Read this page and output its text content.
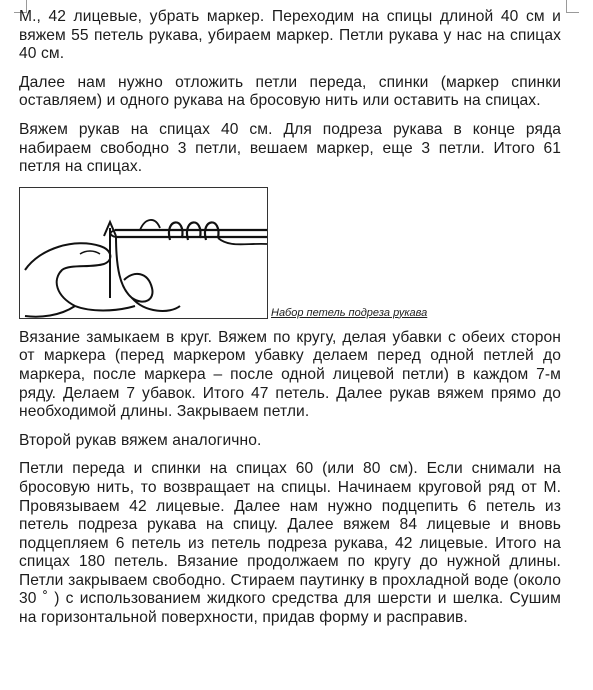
М., 42 лицевые, убрать маркер. Переходим на спицы длиной 40 см и вяжем 55 петель рукава, убираем маркер. Петли рукава у нас на спицах 40 см.

Далее нам нужно отложить петли переда, спинки (маркер спинки оставляем) и одного рукава на бросовую нить или оставить на спицах.

Вяжем рукав на спицах 40 см. Для подреза рукава в конце ряда набираем свободно 3 петли, вешаем маркер, еще 3 петли. Итого 61 петля на спицах.

Набор петель подреза рукава

Вязание замыкаем в круг. Вяжем по кругу, делая убавки с обеих сторон от маркера (перед маркером убавку делаем перед одной петлей до маркера, после маркера – после одной лицевой петли) в каждом 7-м ряду. Делаем 7 убавок. Итого 47 петель. Далее рукав вяжем прямо до необходимой длины. Закрываем петли.

Второй рукав вяжем аналогично.

Петли переда и спинки на спицах 60 (или 80 см). Если снимали на бросовую нить, то возвращает на спицы. Начинаем круговой ряд от М. Провязываем 42 лицевые. Далее нам нужно подцепить 6 петель из петель подреза рукава на спицу. Далее вяжем 84 лицевые и вновь подцепляем 6 петель из петель подреза рукава, 42 лицевые. Итого на спицах 180 петель. Вязание продолжаем по кругу до нужной длины. Петли закрываем свободно. Стираем паутинку в прохладной воде (около 30 ˚ ) с использованием жидкого средства для шерсти и шелка. Сушим на горизонтальной поверхности, придав форму и расправив.
